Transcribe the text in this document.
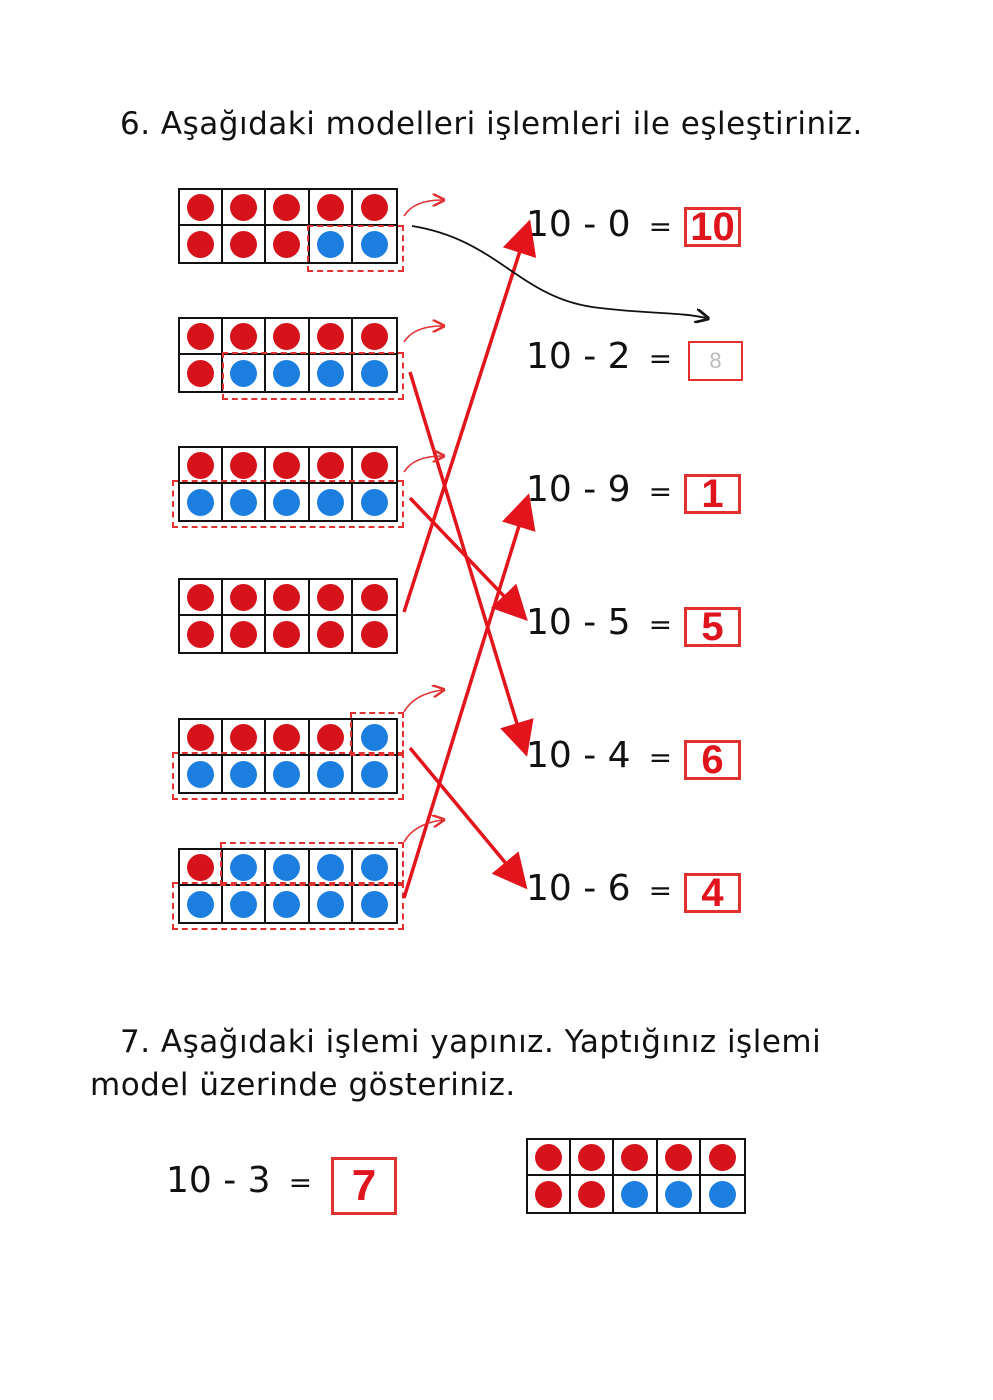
6. Aşağıdaki modelleri işlemleri ile eşleştiriniz.
10 - 0 =
10 - 2 =
10 - 9 =
10 - 5 =
10 - 4 =
10 - 6 =
10
8
1
5
6
4
7. Aşağıdaki işlemi yapınız. Yaptığınız işlemi
model üzerinde gösteriniz.
10 - 3 = 7
